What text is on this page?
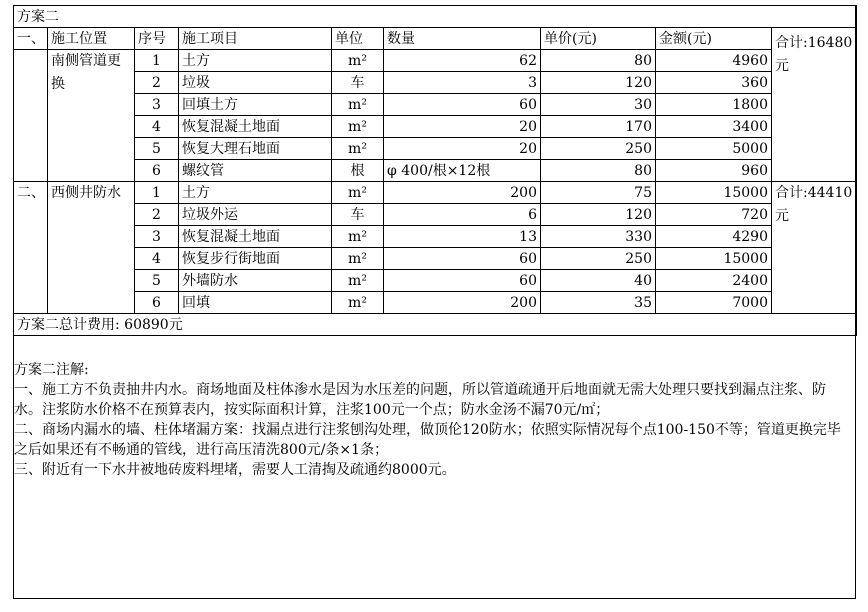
方案二								
一、	施工位置	序号	施工项目	单位	数量	单价(元)	金额(元)	合计:16480元
	南侧管道更换	1	土方	m²	62	80	4960	
		2	垃圾	车	3	120	360	
		3	回填土方	m²	60	30	1800	
		4	恢复混凝土地面	m²	20	170	3400	
		5	恢复大理石地面	m²	20	250	5000	
		6	螺纹管	根	φ 400/根×12根	80	960	
二、	西侧井防水	1	土方	m²	200	75	15000	合计:44410元
		2	垃圾外运	车	6	120	720	
		3	恢复混凝土地面	m²	13	330	4290	
		4	恢复步行街地面	m²	60	250	15000	
		5	外墙防水	m²	60	40	2400	
		6	回填	m²	200	35	7000	
方案二总计费用: 60890元								
方案二注解:
一、施工方不负责抽井内水。商场地面及柱体渗水是因为水压差的问题，所以管道疏通开后地面就无需大处理只要找到漏点注浆、防水。注浆防水价格不在预算表内，按实际面积计算，注浆100元一个点；防水金汤不漏70元/㎡；
二、商场内漏水的墙、柱体堵漏方案：找漏点进行注浆刨沟处理，做顶伦120防水；依照实际情况每个点100-150不等；管道更换完毕之后如果还有不畅通的管线，进行高压清洗800元/条×1条；
三、附近有一下水井被地砖废料埋堵，需要人工清掏及疏通约8000元。
